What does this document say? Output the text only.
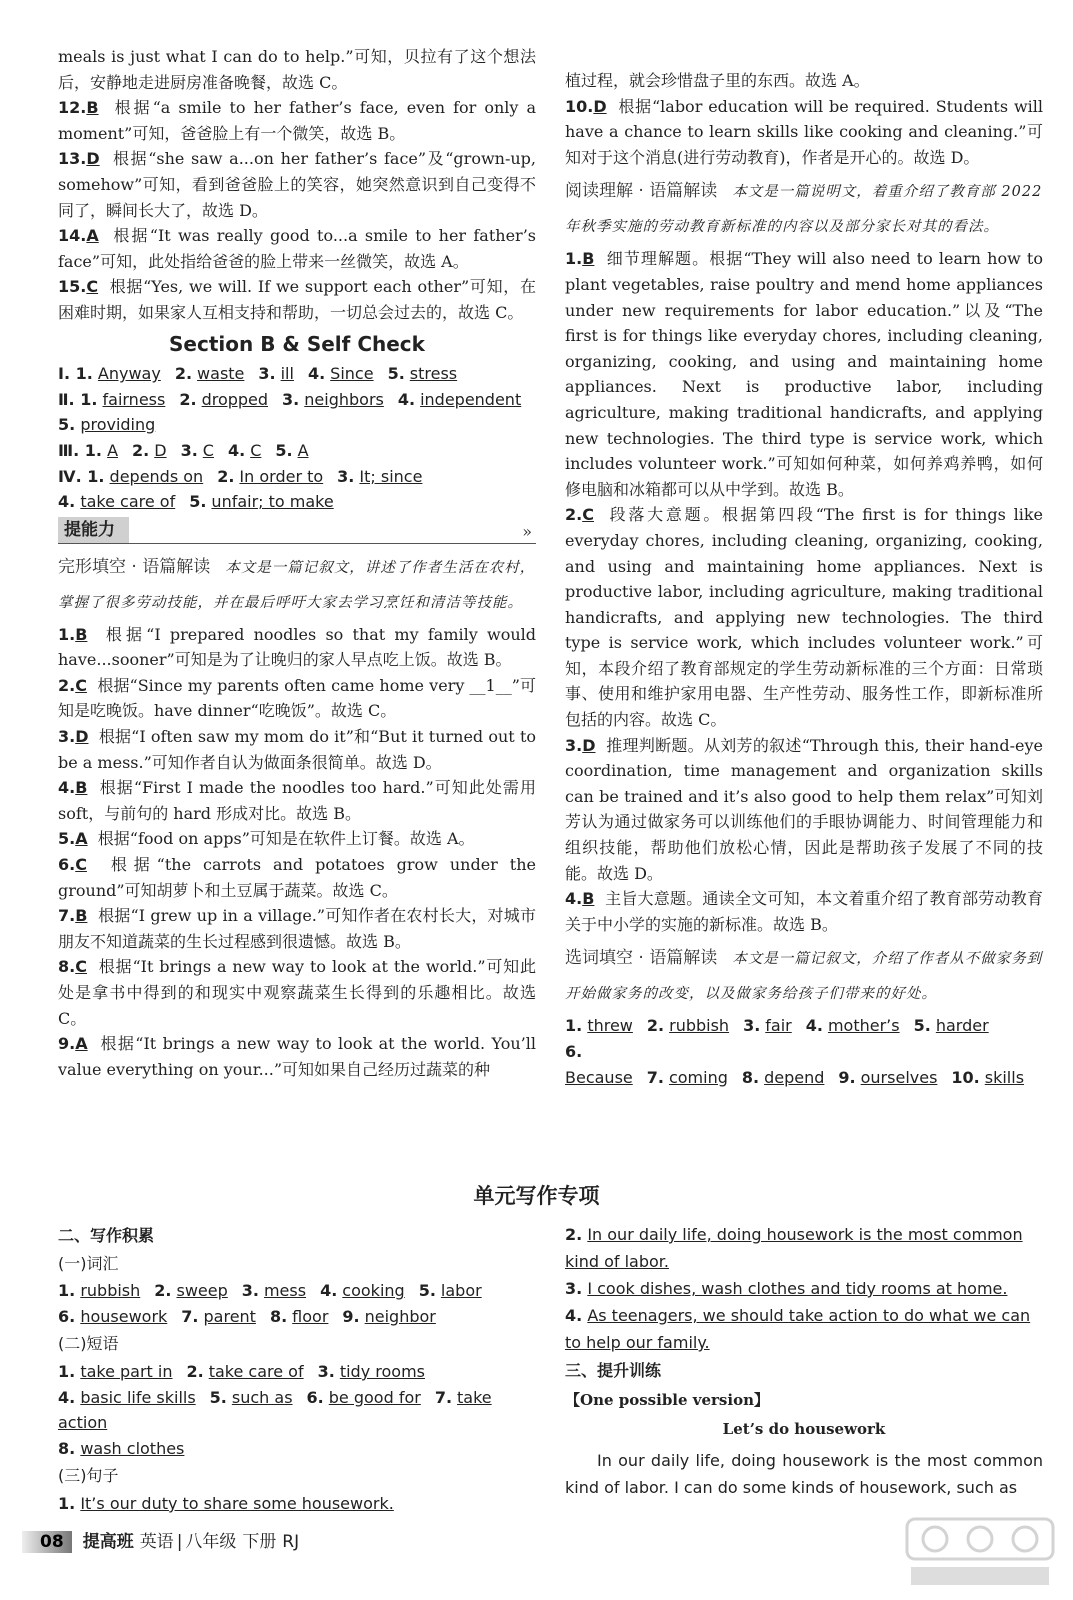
meals is just what I can do to help.”可知，贝拉有了这个想法后，安静地走进厨房准备晚餐，故选 C。

12.B 根据“a smile to her father’s face, even for only a moment”可知，爸爸脸上有一个微笑，故选 B。

13.D 根据“she saw a...on her father’s face”及“grown-up, somehow”可知，看到爸爸脸上的笑容，她突然意识到自己变得不同了，瞬间长大了，故选 D。

14.A 根据“It was really good to...a smile to her father’s face”可知，此处指给爸爸的脸上带来一丝微笑，故选 A。

15.C 根据“Yes, we will. If we support each other”可知，在困难时期，如果家人互相支持和帮助，一切总会过去的，故选 C。

Section B & Self Check
Ⅰ. 1. Anyway 2. waste 3. ill 4. Since 5. stress
Ⅱ. 1. fairness 2. dropped 3. neighbors 4. independent
5. providing
Ⅲ. 1. A 2. D 3. C 4. C 5. A
Ⅳ. 1. depends on 2. In order to 3. It; since
4. take care of 5. unfair; to make
提能力	»
完形填空 · 语篇解读 本文是一篇记叙文，讲述了作者生活在农村，掌握了很多劳动技能，并在最后呼吁大家去学习烹饪和清洁等技能。

1.B 根据“I prepared noodles so that my family would have...sooner”可知是为了让晚归的家人早点吃上饭。故选 B。

2.C 根据“Since my parents often came home very __1__”可知是吃晚饭。have dinner“吃晚饭”。故选 C。

3.D 根据“I often saw my mom do it”和“But it turned out to be a mess.”可知作者自认为做面条很简单。故选 D。

4.B 根据“First I made the noodles too hard.”可知此处需用 soft，与前句的 hard 形成对比。故选 B。

5.A 根据“food on apps”可知是在软件上订餐。故选 A。

6.C 根据“the carrots and potatoes grow under the ground”可知胡萝卜和土豆属于蔬菜。故选 C。

7.B 根据“I grew up in a village.”可知作者在农村长大，对城市朋友不知道蔬菜的生长过程感到很遗憾。故选 B。

8.C 根据“It brings a new way to look at the world.”可知此处是拿书中得到的和现实中观察蔬菜生长得到的乐趣相比。故选 C。

9.A 根据“It brings a new way to look at the world. You’ll value everything on your...”可知如果自己经历过蔬菜的种

植过程，就会珍惜盘子里的东西。故选 A。

10.D 根据“labor education will be required. Students will have a chance to learn skills like cooking and cleaning.”可知对于这个消息(进行劳动教育)，作者是开心的。故选 D。

阅读理解 · 语篇解读 本文是一篇说明文，着重介绍了教育部 2022 年秋季实施的劳动教育新标准的内容以及部分家长对其的看法。

1.B 细节理解题。根据“They will also need to learn how to plant vegetables, raise poultry and mend home appliances under new requirements for labor education.”以及“The first is for things like everyday chores, including cleaning, organizing, cooking, and using and maintaining home appliances. Next is productive labor, including agriculture, making traditional handicrafts, and applying new technologies. The third type is service work, which includes volunteer work.”可知如何种菜，如何养鸡养鸭，如何修电脑和冰箱都可以从中学到。故选 B。

2.C 段落大意题。根据第四段“The first is for things like everyday chores, including cleaning, organizing, cooking, and using and maintaining home appliances. Next is productive labor, including agriculture, making traditional handicrafts, and applying new technologies. The third type is service work, which includes volunteer work.”可知，本段介绍了教育部规定的学生劳动新标准的三个方面：日常琐事、使用和维护家用电器、生产性劳动、服务性工作，即新标准所包括的内容。故选 C。

3.D 推理判断题。从刘芳的叙述“Through this, their hand-eye coordination, time management and organization skills can be trained and it’s also good to help them relax”可知刘芳认为通过做家务可以训练他们的手眼协调能力、时间管理能力和组织技能，帮助他们放松心情，因此是帮助孩子发展了不同的技能。故选 D。

4.B 主旨大意题。通读全文可知，本文着重介绍了教育部劳动教育关于中小学的实施的新标准。故选 B。

选词填空 · 语篇解读 本文是一篇记叙文，介绍了作者从不做家务到开始做家务的改变，以及做家务给孩子们带来的好处。
1. threw 2. rubbish 3. fair 4. mother’s 5. harder
6. Because 7. coming 8. depend 9. ourselves 10. skills
单元写作专项
二、写作积累
(一)词汇
1. rubbish 2. sweep 3. mess 4. cooking 5. labor
6. housework 7. parent 8. floor 9. neighbor
(二)短语
1. take part in 2. take care of 3. tidy rooms
4. basic life skills 5. such as 6. be good for 7. take action
8. wash clothes
(三)句子
1. It’s our duty to share some housework.
2. In our daily life, doing housework is the most common kind of labor.
3. I cook dishes, wash clothes and tidy rooms at home.
4. As teenagers, we should take action to do what we can to help our family.
三、提升训练
【One possible version】
Let’s do housework

In our daily life, doing housework is the most common kind of labor. I can do some kinds of housework, such as

08 提高班 英语 | 八年级 下册 RJ
